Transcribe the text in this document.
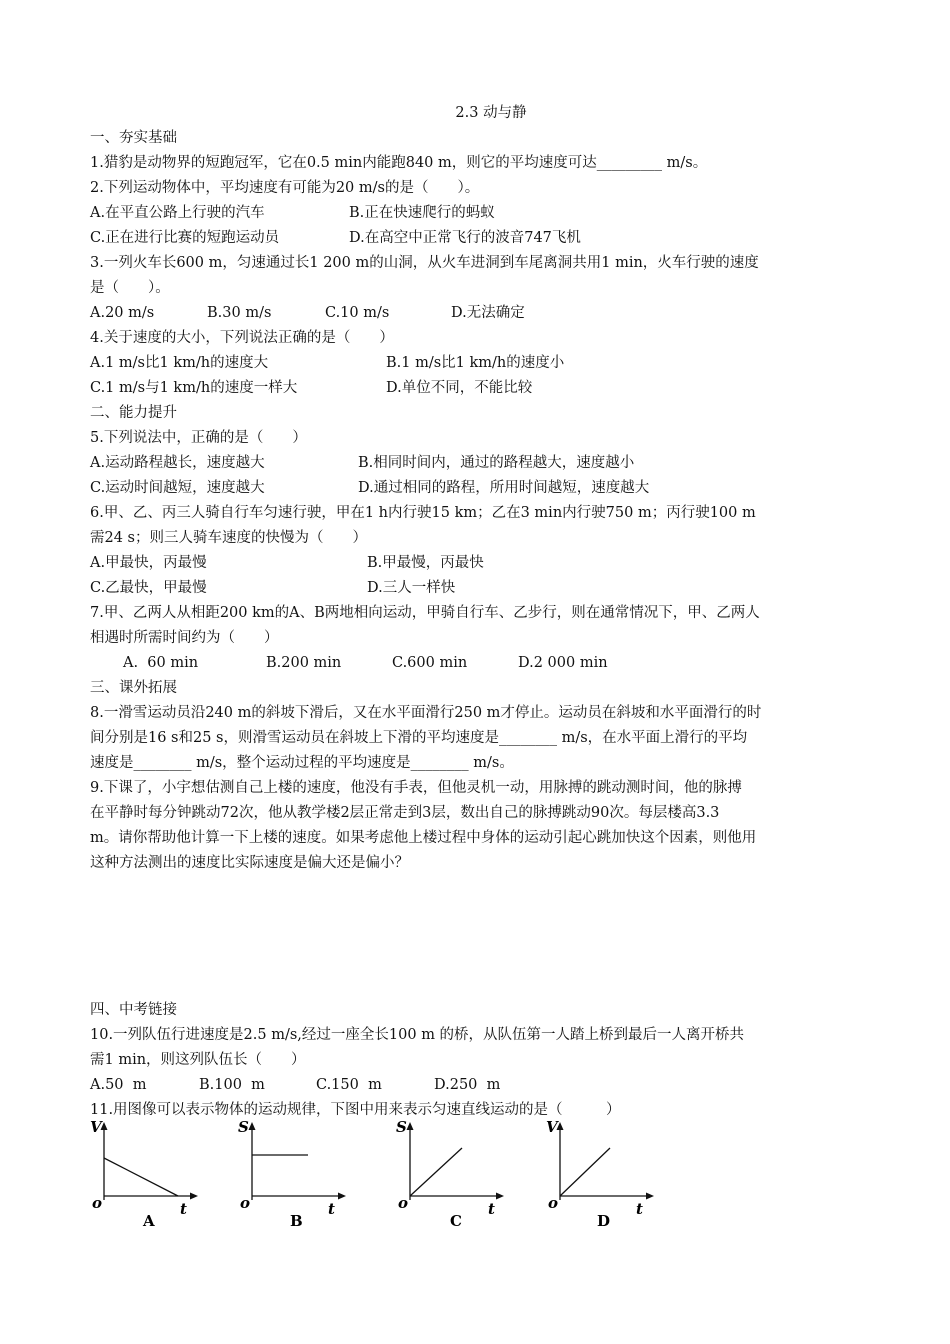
2.3 动与静
一、夯实基础
1.猎豹是动物界的短跑冠军，它在0.5 min内能跑840 m，则它的平均速度可达_________ m/s。
2.下列运动物体中，平均速度有可能为20 m/s的是（　　）。
A.在平直公路上行驶的汽车	B.正在快速爬行的蚂蚁
C.正在进行比赛的短跑运动员	D.在高空中正常飞行的波音747飞机
3.一列火车长600 m，匀速通过长1 200 m的山洞，从火车进洞到车尾离洞共用1 min，火车行驶的速度
是（　　）。
A.20 m/s	B.30 m/s	C.10 m/s	D.无法确定
4.关于速度的大小，下列说法正确的是（　　）
A.1 m/s比1 km/h的速度大	B.1 m/s比1 km/h的速度小
C.1 m/s与1 km/h的速度一样大	D.单位不同，不能比较
二、能力提升
5.下列说法中，正确的是（　　）
A.运动路程越长，速度越大	B.相同时间内，通过的路程越大，速度越小
C.运动时间越短，速度越大	D.通过相同的路程，所用时间越短，速度越大
6.甲、乙、丙三人骑自行车匀速行驶，甲在1 h内行驶15 km；乙在3 min内行驶750 m；丙行驶100 m
需24 s；则三人骑车速度的快慢为（　　）
A.甲最快，丙最慢	B.甲最慢，丙最快
C.乙最快，甲最慢	D.三人一样快
7.甲、乙两人从相距200 km的A、B两地相向运动，甲骑自行车、乙步行，则在通常情况下，甲、乙两人
相遇时所需时间约为（　　）
A.  60 min	B.200 min	C.600 min	D.2 000 min
三、课外拓展
8.一滑雪运动员沿240 m的斜坡下滑后，又在水平面滑行250 m才停止。运动员在斜坡和水平面滑行的时
间分别是16 s和25 s，则滑雪运动员在斜坡上下滑的平均速度是________ m/s，在水平面上滑行的平均
速度是________ m/s，整个运动过程的平均速度是________ m/s。
9.下课了，小宇想估测自己上楼的速度，他没有手表，但他灵机一动，用脉搏的跳动测时间，他的脉搏
在平静时每分钟跳动72次，他从教学楼2层正常走到3层，数出自己的脉搏跳动90次。每层楼高3.3
m。请你帮助他计算一下上楼的速度。如果考虑他上楼过程中身体的运动引起心跳加快这个因素，则他用
这种方法测出的速度比实际速度是偏大还是偏小？
四、中考链接
10.一列队伍行进速度是2.5 m/s,经过一座全长100 m 的桥，从队伍第一人踏上桥到最后一人离开桥共
需1 min，则这列队伍长（　　）
A.50  m	B.100  m	C.150  m	D.250  m
11.用图像可以表示物体的运动规律，下图中用来表示匀速直线运动的是（　　　）
V
o	t
A
S
o	t
B
S
o	t
C
V
o	t
D
